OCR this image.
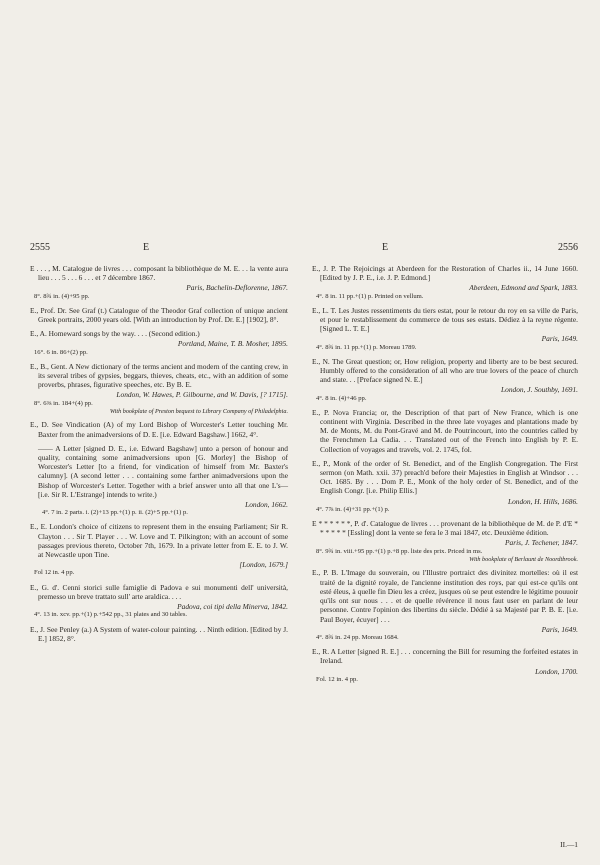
2555	E	E	2556
E . . . , M. Catalogue de livres . . . composant la bibliothèque de M. E. . . la vente aura lieu . . . 5 . . . 6 . . . et 7 décembre 1867.
Paris, Bachelin-Deflorenne, 1867.
8°. 8¾ in. (4)+95 pp.
E., Prof. Dr. See Graf (t.) Catalogue of the Theodor Graf collection of unique ancient Greek portraits, 2000 years old. [With an introduction by Prof. Dr. E.] [1902], 8°.
E., A. Homeward songs by the way. . . . (Second edition.)
Portland, Maine, T. B. Mosher, 1895.
16°. 6 in. 86+(2) pp.
E., B., Gent. A New dictionary of the terms ancient and modern of the canting crew, in its several tribes of gypsies, beggars, thieves, cheats, etc., with an addition of some proverbs, phrases, figurative speeches, etc. By B. E.
London, W. Hawes, P. Gilbourne, and W. Davis, [? 1715].
8°. 6⅜ in. 184+(4) pp.
With bookplate of Preston bequest to Library Company of Philadelphia.
E., D. See Vindication (A) of my Lord Bishop of Worcester's Letter touching Mr. Baxter from the animadversions of D. E. [i.e. Edward Bagshaw.] 1662, 4°.
—— A Letter [signed D. E., i.e. Edward Bagshaw] unto a person of honour and quality, containing some animadversions upon [G. Morley] the Bishop of Worcester's Letter [to a friend, for vindication of himself from Mr. Baxter's calumny]. (A second letter . . . containing some farther animadversions upon the Bishop of Worcester's Letter. Together with a brief answer unto all that one L's—[i.e. Sir R. L'Estrange] intends to write.)
London, 1662.
4°. 7 in. 2 parts. i. (2)+13 pp.+(1) p. ii. (2)+5 pp.+(1) p.
E., E. London's choice of citizens to represent them in the ensuing Parliament; Sir R. Clayton . . . Sir T. Player . . . W. Love and T. Pilkington; with an account of some passages previous thereto, October 7th, 1679. In a private letter from E. E. to J. W. at Newcastle upon Tine.
[London, 1679.]
Fol 12 in. 4 pp.
E., G. d'. Cenni storici sulle famiglie di Padova e sui monumenti dell' università, premesso un breve trattato sull' arte araldica. . . .
Padova, coi tipi della Minerva, 1842.
4°. 13 in. xcv. pp.+(1) p.+542 pp., 31 plates and 30 tables.
E., J. See Penley (a.) A System of water-colour painting. . . Ninth edition. [Edited by J. E.] 1852, 8°.
E., J. P. The Rejoicings at Aberdeen for the Restoration of Charles ii., 14 June 1660. [Edited by J. P. E., i.e. J. P. Edmond.]
Aberdeen, Edmond and Spark, 1883.
4°. 8 in. 11 pp.+(1) p. Printed on vellum.
E., L. T. Les Justes ressentiments du tiers estat, pour le retour du roy en sa ville de Paris, et pour le restablissement du commerce de tous ses estats. Dédiez à la reyne régente. [Signed L. T. E.]
Paris, 1649.
4°. 8¾ in. 11 pp.+(1) p. Moreau 1789.
E., N. The Great question; or, How religion, property and liberty are to be best secured. Humbly offered to the consideration of all who are true lovers of the peace of church and state. . . [Preface signed N. E.]
London, J. Southby, 1691.
4°. 8 in. (4)+46 pp.
E., P. Nova Francia; or, the Description of that part of New France, which is one continent with Virginia. Described in the three late voyages and plantations made by M. de Monts, M. du Pont-Gravé and M. de Poutrincourt, into the countries called by the Frenchmen La Cadia. . . Translated out of the French into English by P. E. Collection of voyages and travels, vol. 2. 1745, fol.
E., P., Monk of the order of St. Benedict, and of the English Congregation. The First sermon (on Math. xxii. 37) preach'd before their Majesties in English at Windsor . . . Oct. 1685. By . . . Dom P. E., Monk of the holy order of St. Benedict, and of the English Congr. [i.e. Philip Ellis.]
London, H. Hills, 1686.
4°. 7⅞ in. (4)+31 pp.+(1) p.
E * * * * * *, P. d'. Catalogue de livres . . . provenant de la bibliothèque de M. de P. d'E * * * * * * [Essling] dont la vente se fera le 3 mai 1847, etc. Deuxième édition.
Paris, J. Techener, 1847.
8°. 9¾ in. viii.+95 pp.+(1) p.+8 pp. liste des prix. Priced in ms.
With bookplate of Berlaunt de Noordtbrook.
E., P. B. L'Image du souverain, ou l'Illustre portraict des divinitez mortelles: où il est traité de la dignité royale, de l'ancienne institution des roys, par qui est-ce qu'ils ont esté éleus, à quelle fin Dieu les a créez, jusques où se peut estendre le légitime pouuoir qu'ils ont sur nous . . . et de quelle révérence il nous faut user en parlant de leur personne. Contre l'opinion des libertins du siècle. Dédié à sa Majesté par P. B. E. [i.e. Paul Boyer, écuyer] . . .
Paris, 1649.
4°. 8¾ in. 24 pp. Moreau 1684.
E., R. A Letter [signed R. E.] . . . concerning the Bill for resuming the forfeited estates in Ireland.
London, 1700.
Fol. 12 in. 4 pp.
II.—1
